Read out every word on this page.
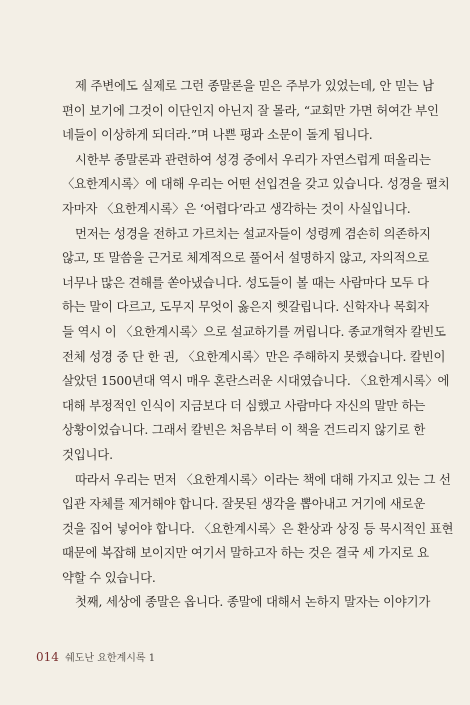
제 주변에도 실제로 그런 종말론을 믿은 주부가 있었는데, 안 믿는 남
편이 보기에 그것이 이단인지 아닌지 잘 몰라, “교회만 가면 허여간 부인
네들이 이상하게 되더라.”며 나쁜 평과 소문이 돌게 됩니다.
시한부 종말론과 관련하여 성경 중에서 우리가 자연스럽게 떠올리는
〈요한계시록〉에 대해 우리는 어떤 선입견을 갖고 있습니다. 성경을 펼치
자마자 〈요한계시록〉은 ‘어렵다’라고 생각하는 것이 사실입니다.
먼저는 성경을 전하고 가르치는 설교자들이 성령께 겸손히 의존하지
않고, 또 말씀을 근거로 체계적으로 풀어서 설명하지 않고, 자의적으로
너무나 많은 견해를 쏟아냈습니다. 성도들이 볼 때는 사람마다 모두 다
하는 말이 다르고, 도무지 무엇이 옳은지 헷갈립니다. 신학자나 목회자
들 역시 이 〈요한계시록〉으로 설교하기를 꺼립니다. 종교개혁자 칼빈도
전체 성경 중 단 한 권, 〈요한계시록〉만은 주해하지 못했습니다. 칼빈이
살았던 1500년대 역시 매우 혼란스러운 시대였습니다. 〈요한계시록〉에
대해 부정적인 인식이 지금보다 더 심했고 사람마다 자신의 말만 하는
상황이었습니다. 그래서 칼빈은 처음부터 이 책을 건드리지 않기로 한
것입니다.
따라서 우리는 먼저 〈요한계시록〉이라는 책에 대해 가지고 있는 그 선
입관 자체를 제거해야 합니다. 잘못된 생각을 뽑아내고 거기에 새로운
것을 집어 넣어야 합니다. 〈요한계시록〉은 환상과 상징 등 묵시적인 표현
때문에 복잡해 보이지만 여기서 말하고자 하는 것은 결국 세 가지로 요
약할 수 있습니다.
첫째, 세상에 종말은 옵니다. 종말에 대해서 논하지 말자는 이야기가
014 쉐도난 요한계시록 1
